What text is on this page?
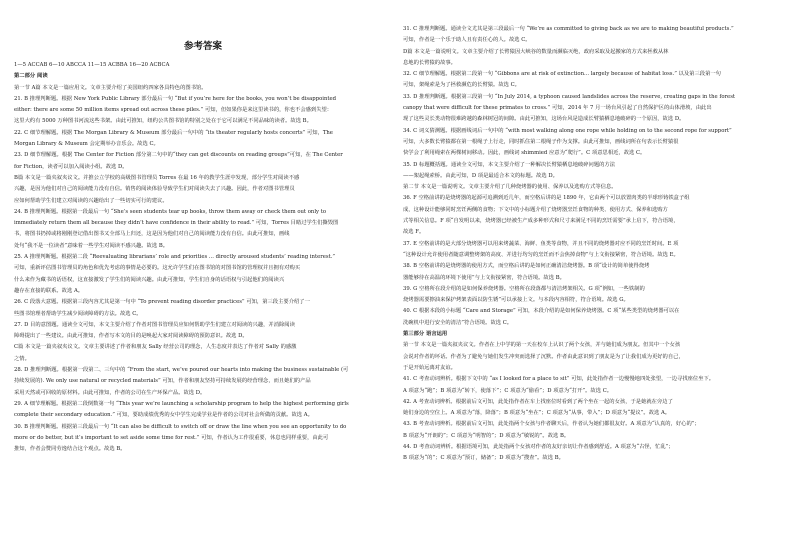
参考答案

1—5 ACCAB 6—10 ABCCA 11—15 ACBBA 16—20 ACBCA

第二部分 阅读

第一节 A篇 本文是一篇应用文。文章主要介绍了美国纽约四家各具特色的图书馆。

21. B 推理判断题。根据 New York Public Library 部分最后一句 “But if you’re here for the books, you won’t be disappointed

either: there are some 50 million items spread out across these piles.” 可知，但如果你是来这里读书的，你也不会感到失望：

这里大约有 5000 万种图书河流这些书架。由此可推知，纽约公共图书馆的特别之处在于它可以满足不同品味的读者。故选 B。

22. C 细节理解题。根据 The Morgan Library & Museum 部分最后一句中的 “its theater regularly hosts concerts” 可知，The

Morgan Library & Museum 会定期举办音乐会。故选 C。

23. D 细节理解题。根据 The Center for Fiction 部分第二句中的“they can get discounts on reading groups”可知，在 The Center

for Fiction，读者可以加入阅读小组。故选 D。

B篇 本文是一篇夹叙夹议文。并推公立学校的高级图书管理员 Torres 在最 16 年的教学生涯中发现，部分学生对阅读不感

兴趣，是因为他们对自己的阅读能力没有自信。销售的阅读体验导致学生们对阅读失去了兴趣。因此，作者对图书管理员

应如何帮助学生们建立对阅读的兴趣给出了一些切实可行的建议。

24. B 推理判断题。根据第一段最后一句 “She’s seen students tear up books, throw them away or check them out only to

immediately return them all because they didn’t have confidence in their ability to read.” 可知，Torres 目睹过学生们撕毁图

书，将图书扔掉或将刚刚登记借出图书又全部马上归还，这是因为他们对自己的阅读能力没有自信。由此可推知，画线

处句“我不是一位读者”意味着一些学生对阅读不感兴趣。故选 B。

25. A 推理判断题。根据第二段 “Reevaluating librarians’ role and priorities ... directly aroused students’ reading interest.”

可知，重新评估图书管理员的角色和优先考虑的事情是必要的。这允许学生们在图书馆的对图书馆的管理权并且拥有对购买

什么来作为藏书的话语权，这直接激发了学生们的阅读兴趣。由此可推知，学生们自身的话语权与引起他们的阅读兴

趣存在直接的联系。故选 A。

26. C 段落大意题。根据第三段内容尤其是第一句中 “To prevent reading disorder practices” 可知，第三段主要介绍了一

些图书馆理者帮助学生减少阅读障碍的方法。故选 C。

27. D 目的意图题。通读全文可知，本文主要介绍了作者对图书管理员应如何帮助学生们建立对阅读的兴趣，并消除阅读

障碍提出了一些建议。由此可推知，作者写本文的目的是唤起大家对阅读障碍的预防意识。故选 D。

C篇 本文是一篇夹叙夹议文。文章主要讲述了作者和朋友 Sally 经营公司的理念，人生态度并表达了作者对 Sally 的感激

之情。

28. D 推理判断题。根据第一段第二、三句中的 “From the start, we’ve poured our hearts into making the business sustainable (可

持续发展的). We only use natural or recycled materials” 可知，作者和朋友坚持可持续发展的经营理念，而且她们的产品

采用天然或可回收的原材料。由此可推知，作者的公司在生产环保产品。故选 D。

29. A 细节理解题。根据第二段倒数第一句 “This year we’re launching a scholarship program to help the highest performing girls

complete their secondary education.” 可知，要助成绩优秀的女中学生完成学业是作者的公司对社会所做的贡献。故选 A。

30. B 推理判断题。根据第三段最后一句 “It can also be difficult to switch off or draw the line when you see an opportunity to do

more or do better, but it’s important to set aside some time for rest.” 可知，作者认为工作很重要，休息也同样重要，由此可

推知，作者会赞同劳逸结合这个观点。故选 B。

31. C 推理判断题。通读全文尤其是第三段最后一句 “We’re as committed to giving back as we are to making beautiful products.”

可知，作者是一个乐于助人且有责任心的人。故选 C。

D篇 本文是一篇说明文。文章主要介绍了长臂猿因大峡谷的数量而濒临灭绝，政府采取及起搬家的方式来拯救从林

息地的长臂猿的故事。

32. C 细节理解题。根据第二段第一句 “Gibbons are at risk of extinction... largely because of habitat loss.” 以及第三段第一句

可知，架绳索是为了拯救濒危的长臂猿。故选 C。

33. D 推理判断题。根据第三段第一句 “In July 2014, a typhoon caused landslides across the reserve, creating gaps in the forest

canopy that were difficult for these primates to cross.” 可知，2014 年 7 月一场台风引起了自然保护区的山体滑坡，由此出

现了这些灵长类动物很难跨越的森林树冠的间隙。由此可推知，这场台风是造成长臂猿栖息地破碎的一个原因，故选 D。

34. C 词义猜测题。根据画线词后一句中的 “with most walking along one rope while holding on to the second rope for support”

可知，大多数长臂猿都在第一根绳子上行走，同时抓住第二根绳子作为支撑。由此可推知，画线词所在句表示长臂猿很

快学会了利用绳索在两棵树间移动。因此，画线词 shimmied 应意为“爬行”。C 项意思相近，故选 C。

35. D 标题概括题。通读全文可知，本文主要介绍了一种解决长臂猿栖息地破碎问题的方法

——架起绳索桥。由此可知，D 项是最适合本文的标题。故选 D。

第二节 本文是一篇说明文。文章主要介绍了几种烧烤器的使用、保养以及选购方式等信息。

36. F 空格前讲的是烧烤器的起源可追溯到近几年，而空格后讲的是 1890 年，它由两个可以放置肉类的半球形铸铁盒子组

成，这种设计能够同时烹饪两侧的食物；下文中的小标题介绍了烧烤器烹饪食物的种类、使用方式、保养和选购方

式等相关信息。F 项“自发明以来，烧烤器已经被生产成多种形式和尺寸来满足不同的烹饪需要”承上启下，符合语境，

故选 F。

37. E 空格前讲的是大部分烧烤器可以用来烤蔬菜、海鲜、鱼类等食物，并且不同的烧烤器对应不同的烹饪时间。E 项

“这种设计允许使用者随意调整烤架的高度、并进行均匀的烹饪而不会焦掉食物”与上文衔接紧密，符合语境。故选 E。

38. B 空格前讲的是烧烤器的使用方式，而空格后讲的是如何正确清洁烧烤器。B 项“设计的简单使得烧烤

器能够待在高温的环境下使用”与上文衔接紧密，符合语境。故选 B。

39. G 空格所在段介绍的是如何保养烧烤器。空格所在段落都与清洁烤架相关。G 项“例如，一些铁制的

烧烤器需要擦油来保护烤架表面以防生锈”可以承接上文。与本段内容相符，符合语境。故选 G。

40. C 根据本段的小标题 “Care and Storage” 可知，本段介绍的是如何保养烧烤器。C 项“某些类型的烧烤器可以在

洗碗机中进行安全的清洁”符合语境。故选 C。

第三部分 语言运用

第一节 本文是一篇夹叙夹议文。作者在上中学的第一天在校车上认识了两个女孩，并与她们成为朋友。但其中一个女孩

会说对作者的坏话。作者为了避免与她们发生冲突而选择了沉默。作者由此意识到了朋友是为了让我们成为更好的自己，

于是开始远离对友谊。

41. C 考查动词辨析。根据下文中的 “as I looked for a place to sit” 可知，此处指作者一边慢慢地四处张望，一边寻找座位坐下。

A 项意为“跑”；B 项意为“转下，使落下”；C 项意为“偷看”；D 项意为“打开”。故选 C。

42. A 考查动词辨析。根据前后文可知，此处指作者在车上找座位时看到了两个坐在一起的女孩，于是她就在旁边了

她们身边的空位上。A 项意为“落，降落”；B 项意为“坐在”；C 项意为“从事，带入”；D 项意为“提议”。故选 A。

43. B 考查动词辨析。根据前后文可知，此处指两个女孩与作者聊天后，作者认为她们都很友好。A 项意为“认真的，好心的”；

B 项意为“开朗的”；C 项意为“明智的”；D 项意为“敏锐的”。故选 B。

44. D 考查动词辨析。根据语境可知，此处指两个女孩对作者的友好亲切让作者感到舒适。A 项意为“古怪，忙乱”；

B 项意为“的”；C 项意为“预订，储备”；D 项意为“搜查”。故选 B。
